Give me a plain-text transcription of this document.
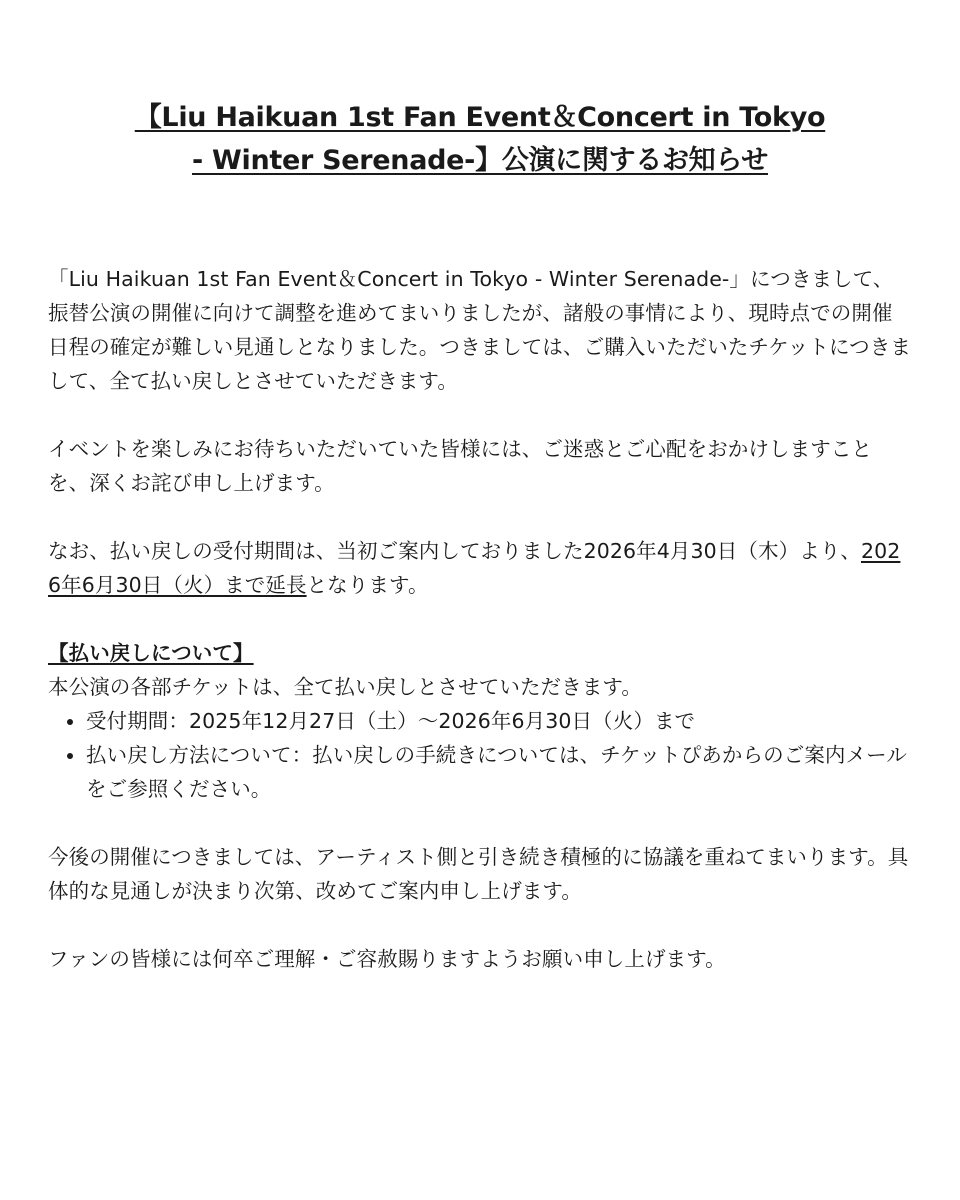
【Liu Haikuan 1st Fan Event＆Concert in Tokyo
- Winter Serenade-】公演に関するお知らせ

「Liu Haikuan 1st Fan Event＆Concert in Tokyo - Winter Serenade-」につきまして、振替公演の開催に向けて調整を進めてまいりましたが、諸般の事情により、現時点での開催日程の確定が難しい見通しとなりました。つきましては、ご購入いただいたチケットにつきまして、全て払い戻しとさせていただきます。

イベントを楽しみにお待ちいただいていた皆様には、ご迷惑とご心配をおかけしますことを、深くお詫び申し上げます。

なお、払い戻しの受付期間は、当初ご案内しておりました2026年4月30日（木）より、2026年6月30日（火）まで延長となります。

【払い戻しについて】

本公演の各部チケットは、全て払い戻しとさせていただきます。

• 受付期間：2025年12月27日（土）～2026年6月30日（火）まで
• 払い戻し方法について：払い戻しの手続きについては、チケットぴあからのご案内メールをご参照ください。

今後の開催につきましては、アーティスト側と引き続き積極的に協議を重ねてまいります。具体的な見通しが決まり次第、改めてご案内申し上げます。

ファンの皆様には何卒ご理解・ご容赦賜りますようお願い申し上げます。
